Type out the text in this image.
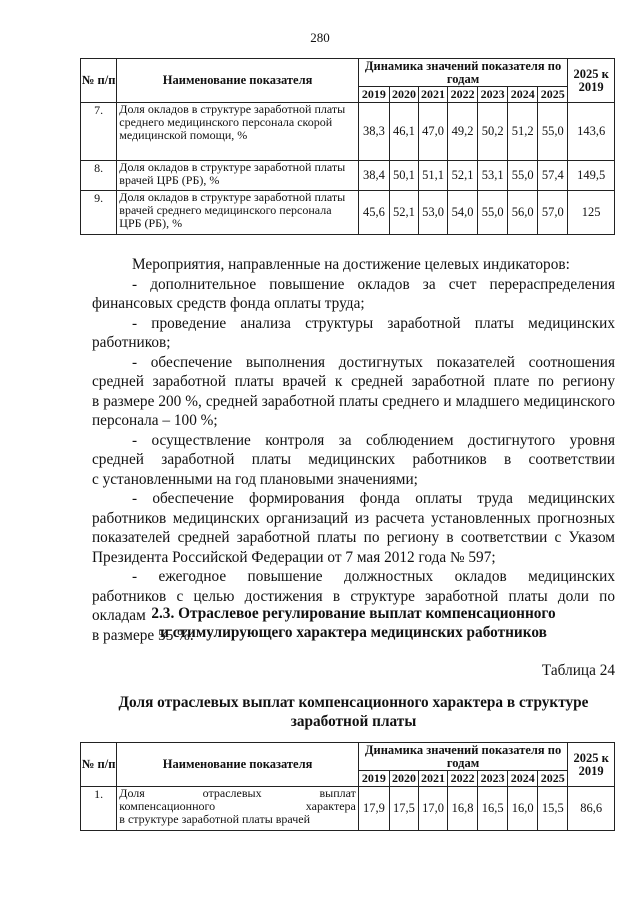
280
№ п/п	Наименование показателя	Динамика значений показателя по годам							2025 к 2019
		2019	2020	2021	2022	2023	2024	2025	
7.	Доля окладов в структуре заработной платы среднего медицинского персонала скорой медицинской помощи, %	38,3	46,1	47,0	49,2	50,2	51,2	55,0	143,6
8.	Доля окладов в структуре заработной платы врачей ЦРБ (РБ), %	38,4	50,1	51,1	52,1	53,1	55,0	57,4	149,5
9.	Доля окладов в структуре заработной платы врачей среднего медицинского персонала ЦРБ (РБ), %	45,6	52,1	53,0	54,0	55,0	56,0	57,0	125
Мероприятия, направленные на достижение целевых индикаторов:
- дополнительное повышение окладов за счет перераспределения
финансовых средств фонда оплаты труда;
- проведение анализа структуры заработной платы медицинских
работников;
- обеспечение выполнения достигнутых показателей соотношения
средней заработной платы врачей к средней заработной плате по региону
в размере 200 %, средней заработной платы среднего и младшего медицинского
персонала – 100 %;
- осуществление контроля за соблюдением достигнутого уровня
средней заработной платы медицинских работников в соответствии
с установленными на год плановыми значениями;
- обеспечение формирования фонда оплаты труда медицинских
работников медицинских организаций из расчета установленных прогнозных
показателей средней заработной платы по региону в соответствии с Указом
Президента Российской Федерации от 7 мая 2012 года № 597;
- ежегодное повышение должностных окладов медицинских
работников с целью достижения в структуре заработной платы доли по окладам
в размере 55 %.
2.3. Отраслевое регулирование выплат компенсационного
и стимулирующего характера медицинских работников
Таблица 24
Доля отраслевых выплат компенсационного характера в структуре
заработной платы
№ п/п	Наименование показателя	Динамика значений показателя по годам							2025 к 2019
		2019	2020	2021	2022	2023	2024	2025	
1.	Доля отраслевых выплат
компенсационного характера
в структуре заработной платы врачей	17,9	17,5	17,0	16,8	16,5	16,0	15,5	86,6
